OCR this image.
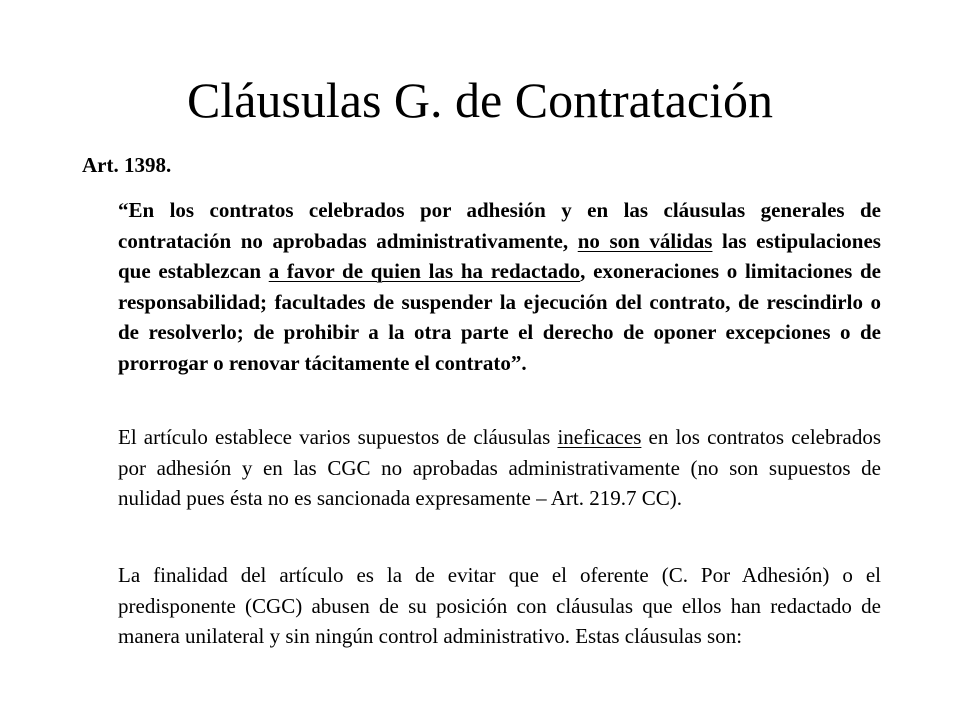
Cláusulas G. de Contratación

Art. 1398.

“En los contratos celebrados por adhesión y en las cláusulas generales de contratación no aprobadas administrativamente, no son válidas las estipulaciones que establezcan a favor de quien las ha redactado, exoneraciones o limitaciones de responsabilidad; facultades de suspender la ejecución del contrato, de rescindirlo o de resolverlo; de prohibir a la otra parte el derecho de oponer excepciones o de prorrogar o renovar tácitamente el contrato”.

El artículo establece varios supuestos de cláusulas ineficaces en los contratos celebrados por adhesión y en las CGC no aprobadas administrativamente (no son supuestos de nulidad pues ésta no es sancionada expresamente – Art. 219.7 CC).

La finalidad del artículo es la de evitar que el oferente (C. Por Adhesión) o el predisponente (CGC) abusen de su posición con cláusulas que ellos han redactado de manera unilateral y sin ningún control administrativo. Estas cláusulas son:
